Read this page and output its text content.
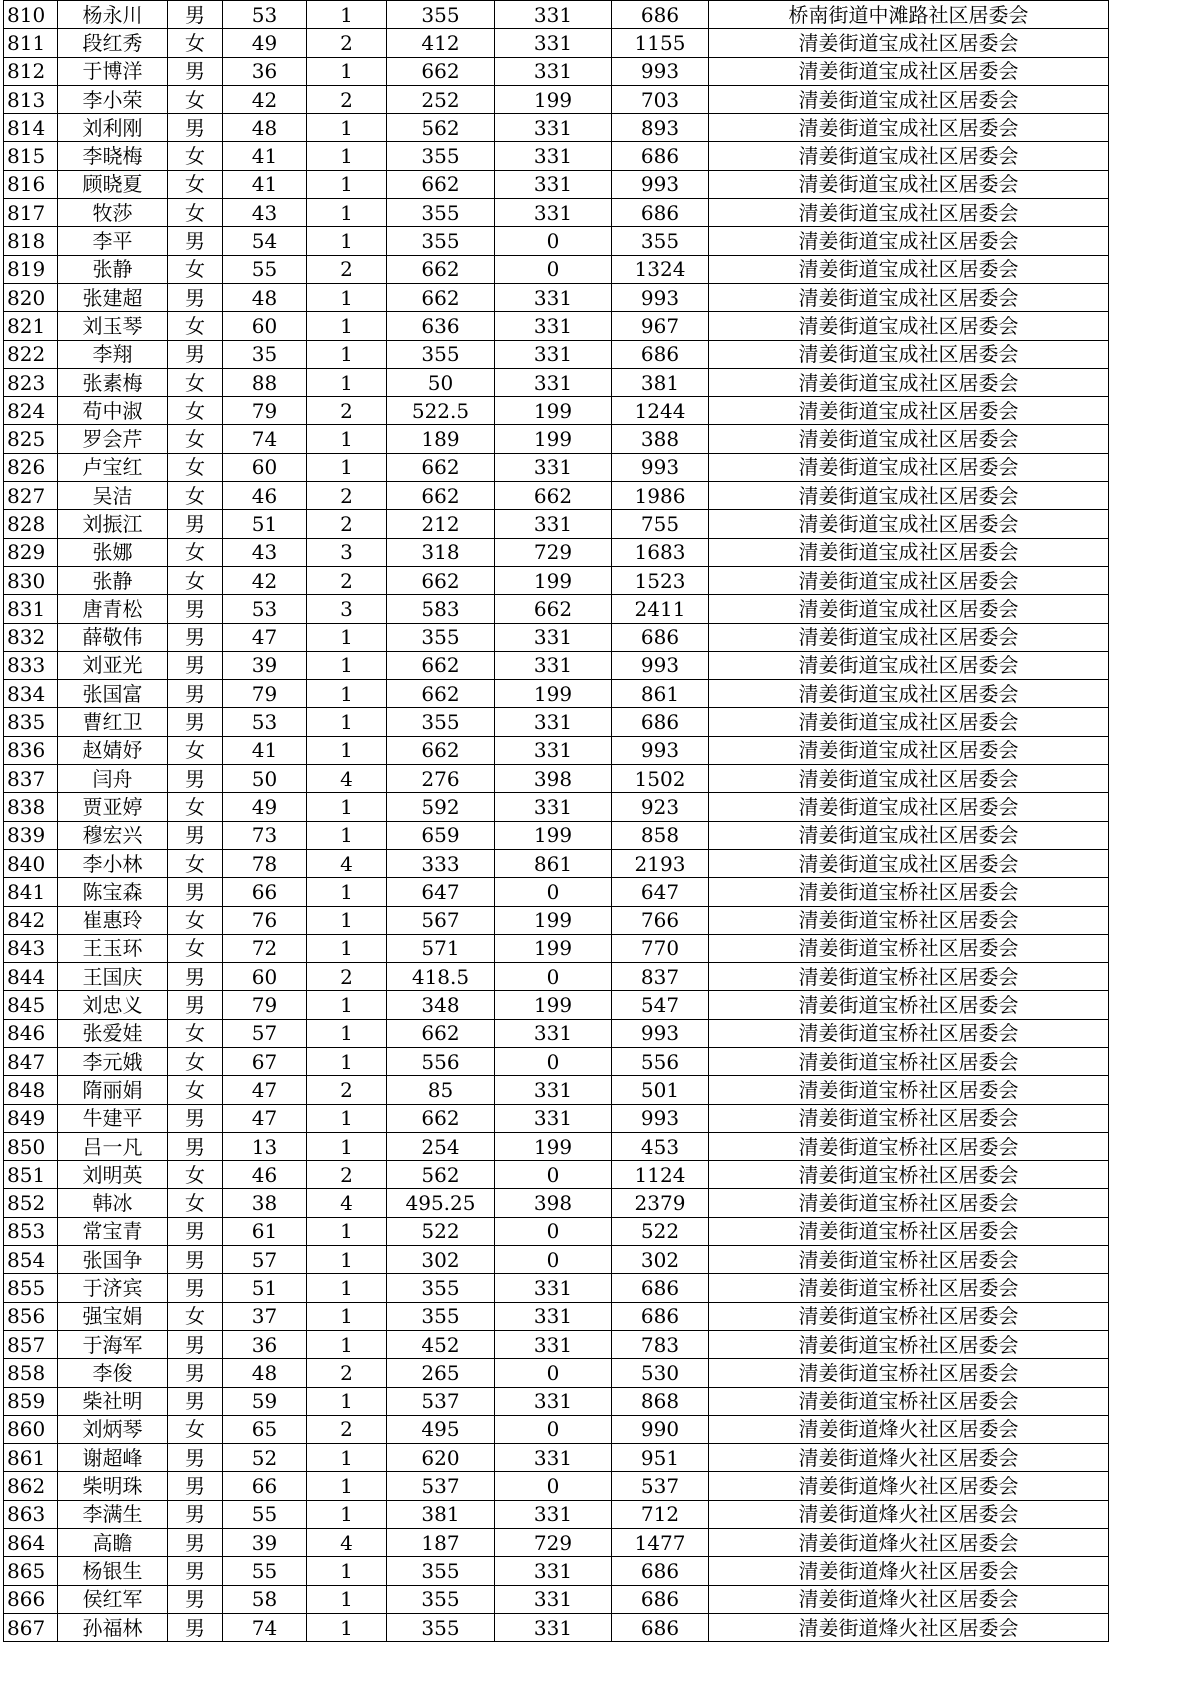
810	杨永川	男	53	1	355	331	686	桥南街道中滩路社区居委会
811	段红秀	女	49	2	412	331	1155	清姜街道宝成社区居委会
812	于博洋	男	36	1	662	331	993	清姜街道宝成社区居委会
813	李小荣	女	42	2	252	199	703	清姜街道宝成社区居委会
814	刘利刚	男	48	1	562	331	893	清姜街道宝成社区居委会
815	李晓梅	女	41	1	355	331	686	清姜街道宝成社区居委会
816	顾晓夏	女	41	1	662	331	993	清姜街道宝成社区居委会
817	牧莎	女	43	1	355	331	686	清姜街道宝成社区居委会
818	李平	男	54	1	355	0	355	清姜街道宝成社区居委会
819	张静	女	55	2	662	0	1324	清姜街道宝成社区居委会
820	张建超	男	48	1	662	331	993	清姜街道宝成社区居委会
821	刘玉琴	女	60	1	636	331	967	清姜街道宝成社区居委会
822	李翔	男	35	1	355	331	686	清姜街道宝成社区居委会
823	张素梅	女	88	1	50	331	381	清姜街道宝成社区居委会
824	苟中淑	女	79	2	522.5	199	1244	清姜街道宝成社区居委会
825	罗会芹	女	74	1	189	199	388	清姜街道宝成社区居委会
826	卢宝红	女	60	1	662	331	993	清姜街道宝成社区居委会
827	吴洁	女	46	2	662	662	1986	清姜街道宝成社区居委会
828	刘振江	男	51	2	212	331	755	清姜街道宝成社区居委会
829	张娜	女	43	3	318	729	1683	清姜街道宝成社区居委会
830	张静	女	42	2	662	199	1523	清姜街道宝成社区居委会
831	唐青松	男	53	3	583	662	2411	清姜街道宝成社区居委会
832	薛敬伟	男	47	1	355	331	686	清姜街道宝成社区居委会
833	刘亚光	男	39	1	662	331	993	清姜街道宝成社区居委会
834	张国富	男	79	1	662	199	861	清姜街道宝成社区居委会
835	曹红卫	男	53	1	355	331	686	清姜街道宝成社区居委会
836	赵婧妤	女	41	1	662	331	993	清姜街道宝成社区居委会
837	闫舟	男	50	4	276	398	1502	清姜街道宝成社区居委会
838	贾亚婷	女	49	1	592	331	923	清姜街道宝成社区居委会
839	穆宏兴	男	73	1	659	199	858	清姜街道宝成社区居委会
840	李小林	女	78	4	333	861	2193	清姜街道宝成社区居委会
841	陈宝森	男	66	1	647	0	647	清姜街道宝桥社区居委会
842	崔惠玲	女	76	1	567	199	766	清姜街道宝桥社区居委会
843	王玉环	女	72	1	571	199	770	清姜街道宝桥社区居委会
844	王国庆	男	60	2	418.5	0	837	清姜街道宝桥社区居委会
845	刘忠义	男	79	1	348	199	547	清姜街道宝桥社区居委会
846	张爱娃	女	57	1	662	331	993	清姜街道宝桥社区居委会
847	李元娥	女	67	1	556	0	556	清姜街道宝桥社区居委会
848	隋丽娟	女	47	2	85	331	501	清姜街道宝桥社区居委会
849	牛建平	男	47	1	662	331	993	清姜街道宝桥社区居委会
850	吕一凡	男	13	1	254	199	453	清姜街道宝桥社区居委会
851	刘明英	女	46	2	562	0	1124	清姜街道宝桥社区居委会
852	韩冰	女	38	4	495.25	398	2379	清姜街道宝桥社区居委会
853	常宝青	男	61	1	522	0	522	清姜街道宝桥社区居委会
854	张国争	男	57	1	302	0	302	清姜街道宝桥社区居委会
855	于济宾	男	51	1	355	331	686	清姜街道宝桥社区居委会
856	强宝娟	女	37	1	355	331	686	清姜街道宝桥社区居委会
857	于海军	男	36	1	452	331	783	清姜街道宝桥社区居委会
858	李俊	男	48	2	265	0	530	清姜街道宝桥社区居委会
859	柴社明	男	59	1	537	331	868	清姜街道宝桥社区居委会
860	刘炳琴	女	65	2	495	0	990	清姜街道烽火社区居委会
861	谢超峰	男	52	1	620	331	951	清姜街道烽火社区居委会
862	柴明珠	男	66	1	537	0	537	清姜街道烽火社区居委会
863	李满生	男	55	1	381	331	712	清姜街道烽火社区居委会
864	高瞻	男	39	4	187	729	1477	清姜街道烽火社区居委会
865	杨银生	男	55	1	355	331	686	清姜街道烽火社区居委会
866	侯红军	男	58	1	355	331	686	清姜街道烽火社区居委会
867	孙福林	男	74	1	355	331	686	清姜街道烽火社区居委会
